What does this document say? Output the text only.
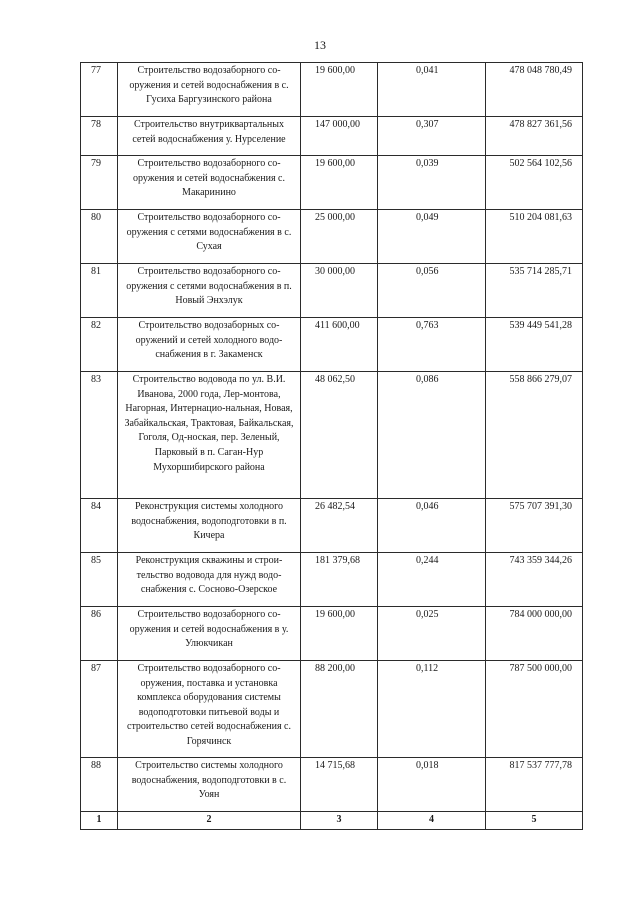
13
77	Строительство водозаборного со-оружения и сетей водоснабжения в с. Гусиха Баргузинского района	19 600,00	0,041	478 048 780,49
78	Строительство внутриквартальных сетей водоснабжения у. Нурселение	147 000,00	0,307	478 827 361,56
79	Строительство водозаборного со-оружения и сетей водоснабжения с. Макаринино	19 600,00	0,039	502 564 102,56
80	Строительство водозаборного со-оружения с сетями водоснабжения в с. Сухая	25 000,00	0,049	510 204 081,63
81	Строительство водозаборного со-оружения с сетями водоснабжения в п. Новый Энхэлук	30 000,00	0,056	535 714 285,71
82	Строительство водозаборных со-оружений и сетей холодного водо-снабжения в г. Закаменск	411 600,00	0,763	539 449 541,28
83	Строительство водовода по ул. В.И. Иванова, 2000 года, Лер-монтова, Нагорная, Интернацио-нальная, Новая, Забайкальская, Трактовая, Байкальская, Гоголя, Од-ноская, пер. Зеленый, Парковый в п. Саган-Нур Мухоршибирского района	48 062,50	0,086	558 866 279,07
84	Реконструкция системы холодного водоснабжения, водоподготовки в п. Кичера	26 482,54	0,046	575 707 391,30
85	Реконструкция скважины и строи-тельство водовода для нужд водо-снабжения с. Сосново-Озерское	181 379,68	0,244	743 359 344,26
86	Строительство водозаборного со-оружения и сетей водоснабжения в у. Улюкчикан	19 600,00	0,025	784 000 000,00
87	Строительство водозаборного со-оружения, поставка и установка комплекса оборудования системы водоподготовки питьевой воды и строительство сетей водоснабжения с. Горячинск	88 200,00	0,112	787 500 000,00
88	Строительство системы холодного водоснабжения, водоподготовки в с. Уоян	14 715,68	0,018	817 537 777,78
1	2	3	4	5
